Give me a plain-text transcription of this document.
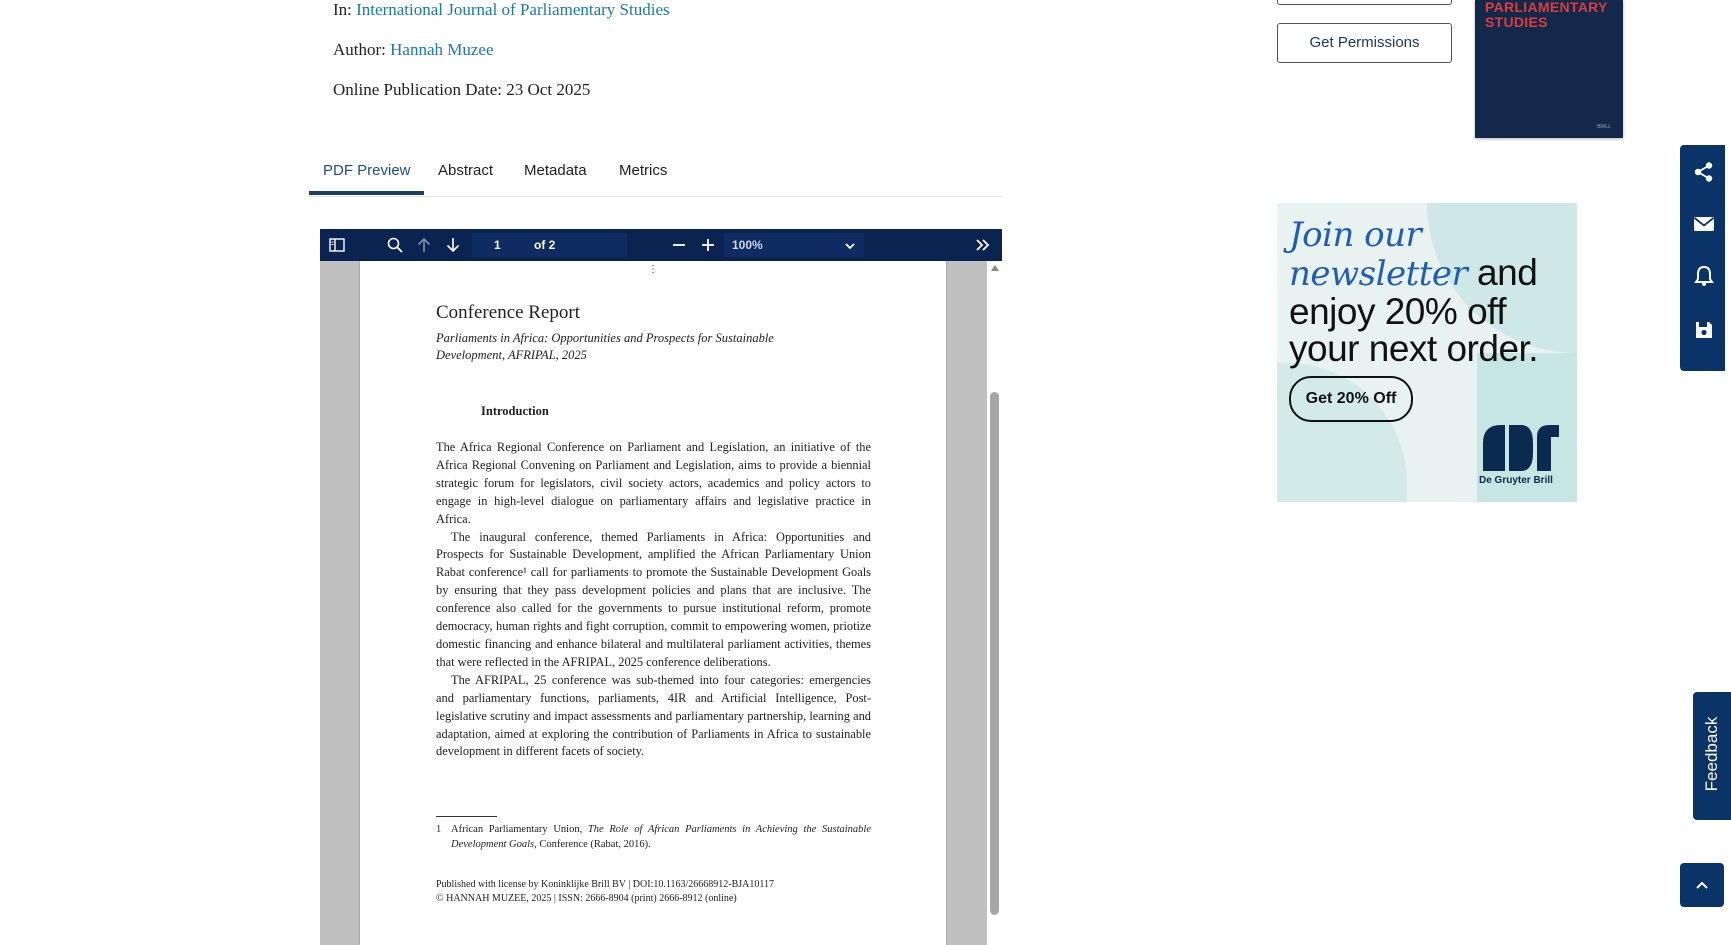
In: International Journal of Parliamentary Studies
Author: Hannah Muzee
Online Publication Date: 23 Oct 2025
PDF Preview Abstract Metadata Metrics
1	of 2	100%
⋮
Conference Report
Parliaments in Africa: Opportunities and Prospects for Sustainable Development, AFRIPAL, 2025
Introduction

The Africa Regional Conference on Parliament and Legislation, an initiative of the Africa Regional Convening on Parliament and Legislation, aims to provide a biennial strategic forum for legislators, civil society actors, academics and policy actors to engage in high-level dialogue on parliamentary affairs and legislative practice in Africa.

The inaugural conference, themed Parliaments in Africa: Opportunities and Prospects for Sustainable Development, amplified the African Parliamentary Union Rabat conference¹ call for parliaments to promote the Sustainable Development Goals by ensuring that they pass development policies and plans that are inclusive. The conference also called for the governments to pursue institutional reform, promote democracy, human rights and fight corruption, commit to empowering women, priotize domestic financing and enhance bilateral and multilateral parliament activities, themes that were reflected in the AFRIPAL, 2025 conference deliberations.

The AFRIPAL, 25 conference was sub-themed into four categories: emergencies and parliamentary functions, parliaments, 4IR and Artificial Intelligence, Post-legislative scrutiny and impact assessments and parliamentary partnership, learning and adaptation, aimed at exploring the contribution of Parliaments in Africa to sustainable development in different facets of society.

1 African Parliamentary Union, The Role of African Parliaments in Achieving the Sustainable Development Goals, Conference (Rabat, 2016).
Published with license by Koninklijke Brill BV | DOI:10.1163/26668912-BJA10117
© HANNAH MUZEE, 2025 | ISSN: 2666-8904 (print) 2666-8912 (online)
Get Permissions
PARLIAMENTARY STUDIES
BRILL
Join our newsletter and enjoy 20% off your next order.
Get 20% Off
De Gruyter Brill
Feedback
